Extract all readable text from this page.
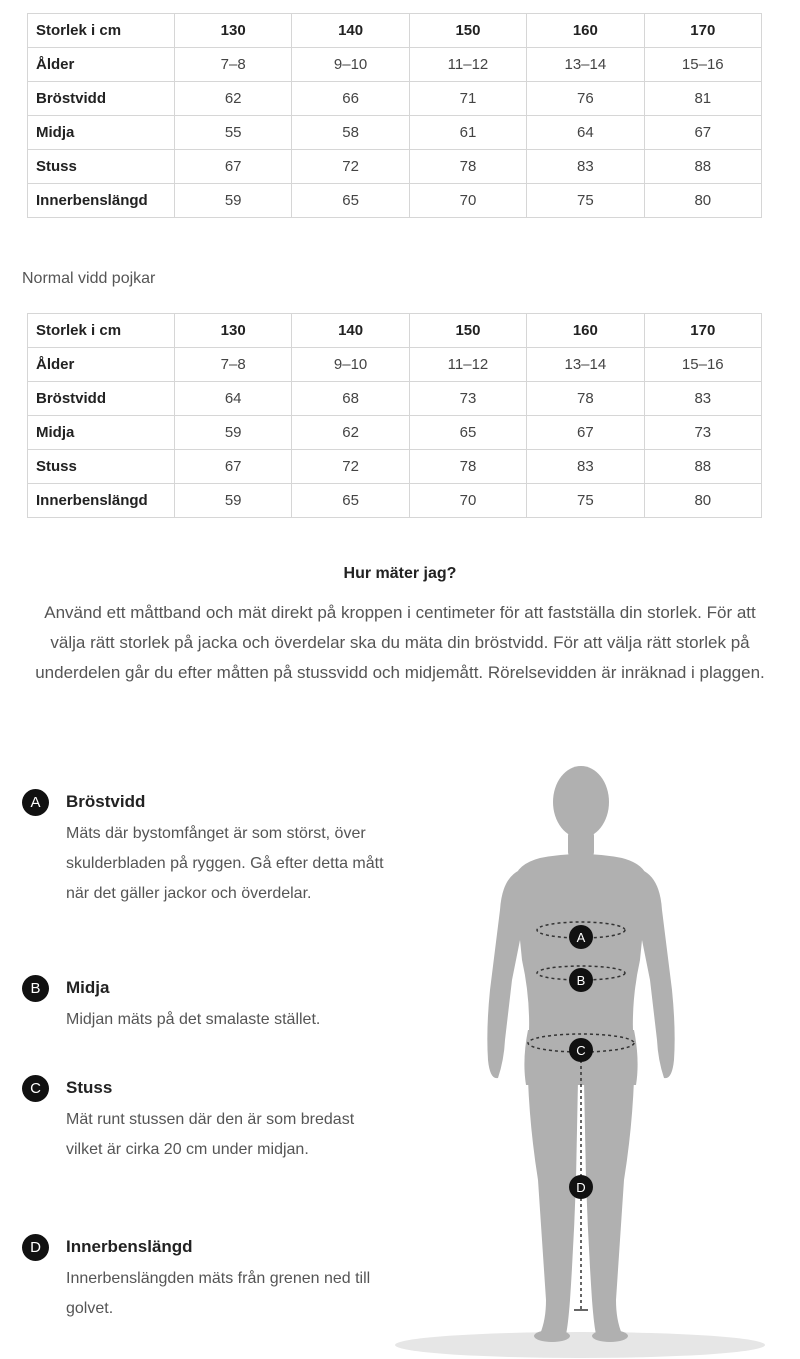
Storlek i cm	130	140	150	160	170
Ålder	7–8	9–10	11–12	13–14	15–16
Bröstvidd	62	66	71	76	81
Midja	55	58	61	64	67
Stuss	67	72	78	83	88
Innerbenslängd	59	65	70	75	80
Normal vidd pojkar
Storlek i cm	130	140	150	160	170
Ålder	7–8	9–10	11–12	13–14	15–16
Bröstvidd	64	68	73	78	83
Midja	59	62	65	67	73
Stuss	67	72	78	83	88
Innerbenslängd	59	65	70	75	80
Hur mäter jag?
Använd ett måttband och mät direkt på kroppen i centimeter för att fastställa din storlek. För att välja rätt storlek på jacka och överdelar ska du mäta din bröstvidd. För att välja rätt storlek på underdelen går du efter måtten på stussvidd och midjemått. Rörelsevidden är inräknad i plaggen.
A	Bröstvidd
Mäts där bystomfånget är som störst, över skulderbladen på ryggen. Gå efter detta mått när det gäller jackor och överdelar.
B	Midja
Midjan mäts på det smalaste stället.
C	Stuss
Mät runt stussen där den är som bredast vilket är cirka 20 cm under midjan.
D	Innerbenslängd
Innerbenslängden mäts från grenen ned till golvet.
A
B
C
D
